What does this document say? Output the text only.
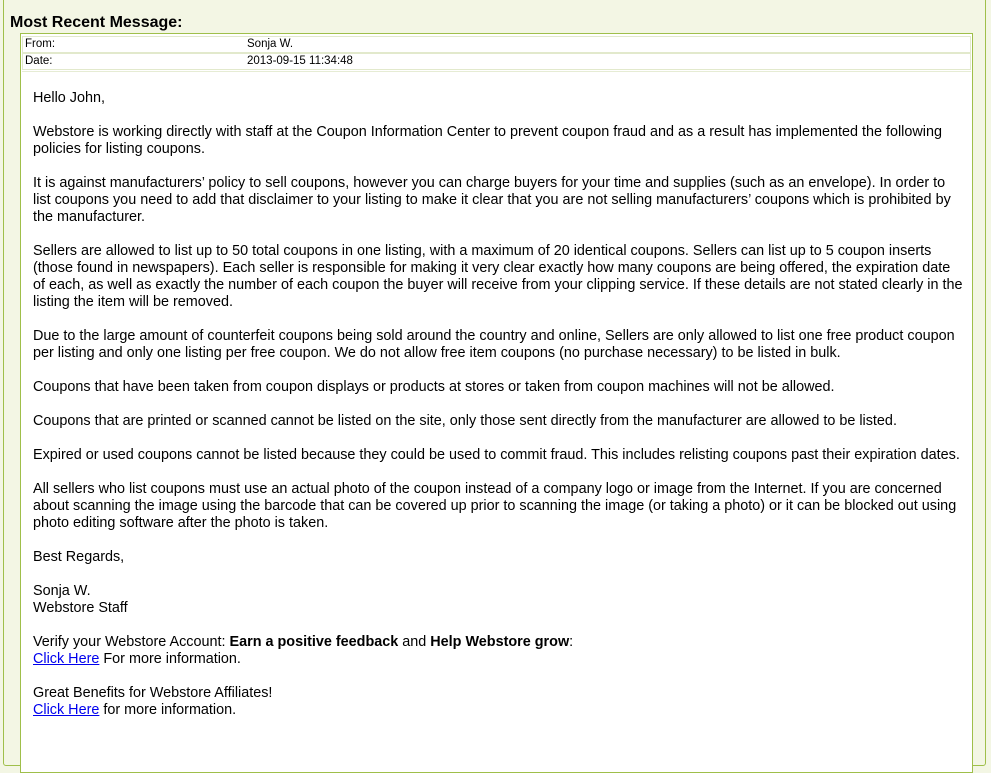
Most Recent Message:
From:	Sonja W.
Date:	2013-09-15 11:34:48

Hello John,

Webstore is working directly with staff at the Coupon Information Center to prevent coupon fraud and as a result has implemented the following policies for listing coupons.

It is against manufacturers’ policy to sell coupons, however you can charge buyers for your time and supplies (such as an envelope). In order to list coupons you need to add that disclaimer to your listing to make it clear that you are not selling manufacturers’ coupons which is prohibited by the manufacturer.

Sellers are allowed to list up to 50 total coupons in one listing, with a maximum of 20 identical coupons. Sellers can list up to 5 coupon inserts (those found in newspapers). Each seller is responsible for making it very clear exactly how many coupons are being offered, the expiration date of each, as well as exactly the number of each coupon the buyer will receive from your clipping service. If these details are not stated clearly in the listing the item will be removed.

Due to the large amount of counterfeit coupons being sold around the country and online, Sellers are only allowed to list one free product coupon per listing and only one listing per free coupon. We do not allow free item coupons (no purchase necessary) to be listed in bulk.

Coupons that have been taken from coupon displays or products at stores or taken from coupon machines will not be allowed.

Coupons that are printed or scanned cannot be listed on the site, only those sent directly from the manufacturer are allowed to be listed.

Expired or used coupons cannot be listed because they could be used to commit fraud. This includes relisting coupons past their expiration dates.

All sellers who list coupons must use an actual photo of the coupon instead of a company logo or image from the Internet. If you are concerned about scanning the image using the barcode that can be covered up prior to scanning the image (or taking a photo) or it can be blocked out using photo editing software after the photo is taken.

Best Regards,

Sonja W.
Webstore Staff

Verify your Webstore Account: Earn a positive feedback and Help Webstore grow:
Click Here For more information.

Great Benefits for Webstore Affiliates!
Click Here for more information.
